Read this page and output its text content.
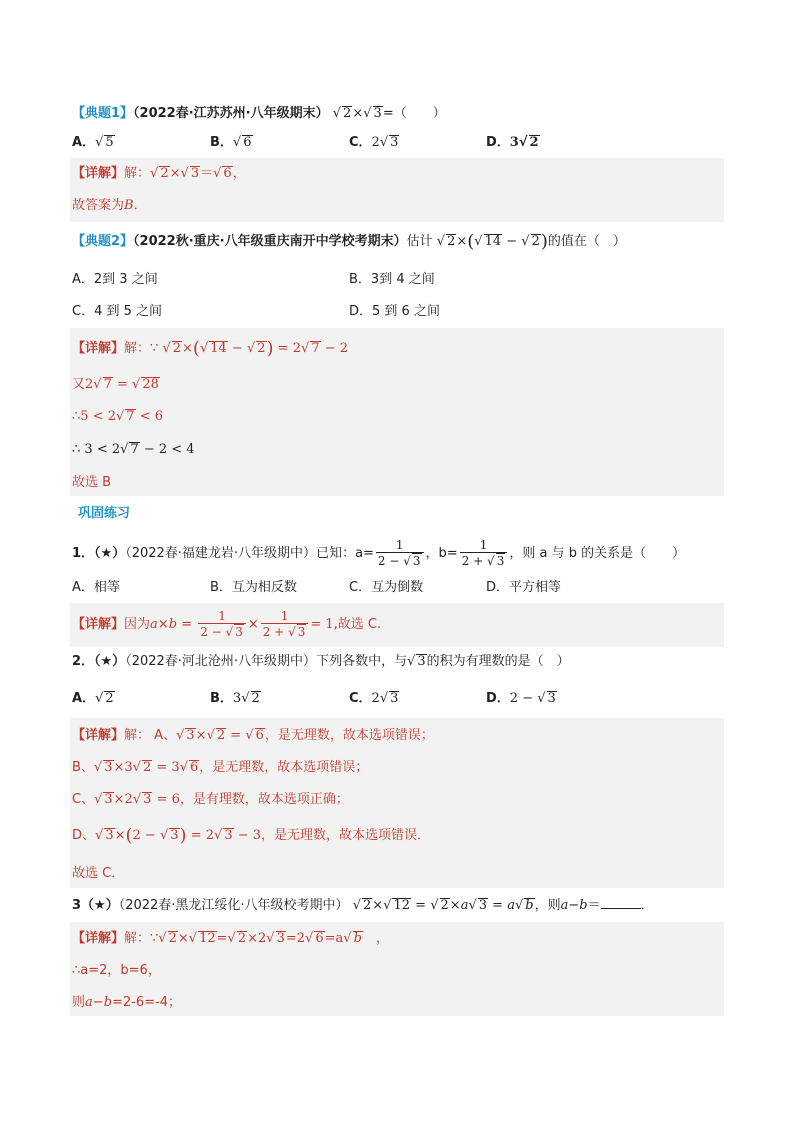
【典题1】（2022春·江苏苏州·八年级期末） √ 2×√ 3=（　　）
A．√ 5	B．√ 6	C．2√ 3	D．3√ 2
【详解】解：√ 2×√ 3＝√ 6，
故答案为B．
【典题2】（2022秋·重庆·八年级重庆南开中学校考期末）估计 √ 2×(√ 14 − √ 2)的值在（　）
A．2到 3 之间	B．3到 4 之间
C．4 到 5 之间	D．5 到 6 之间
【详解】解：∵ √ 2×(√ 14 − √ 2) = 2√ 7 − 2
又2√ 7 = √ 28
∴5 < 2√ 7 < 6
∴ 3 < 2√ 7 − 2 < 4
故选 B
巩固练习
1．（★）（2022春·福建龙岩·八年级期中）已知：$a= \frac{1}{2 - √ 3}$ ，$b= \frac{1}{2 + √ 3}$ ，则 a 与 b 的关系是（　　）
A．相等	B．互为相反数	C．互为倒数	D．平方相等
【详解】因为$a\times b = \frac{1}{2 - √ 3} \times \frac{1}{2 + √ 3} = 1$,故选 C.
2．（★）（2022春·河北沧州·八年级期中）下列各数中，与√ 3的积为有理数的是（　）
A．√ 2	B．3√ 2	C．2√ 3	D．2 − √ 3
【详解】解： A、√ 3×√ 2 = √ 6，是无理数，故本选项错误；
B、√ 3×3√ 2 = 3√ 6，是无理数，故本选项错误；
C、√ 3×2√ 3 = 6，是有理数，故本选项正确；
D、√ 3×(2 − √ 3) = 2√ 3 − 3，是无理数，故本选项错误．
故选 C．
3（★）（2022春·黑龙江绥化·八年级校考期中） √ 2×√ 12 = √ 2×a√ 3 = a√ b，则a−b＝	．
【详解】解：∵√ 2×√ 12=√ 2×2√ 3=2√ 6=a√ b　，
∴a=2，b=6，
则a−b=2-6=-4；
